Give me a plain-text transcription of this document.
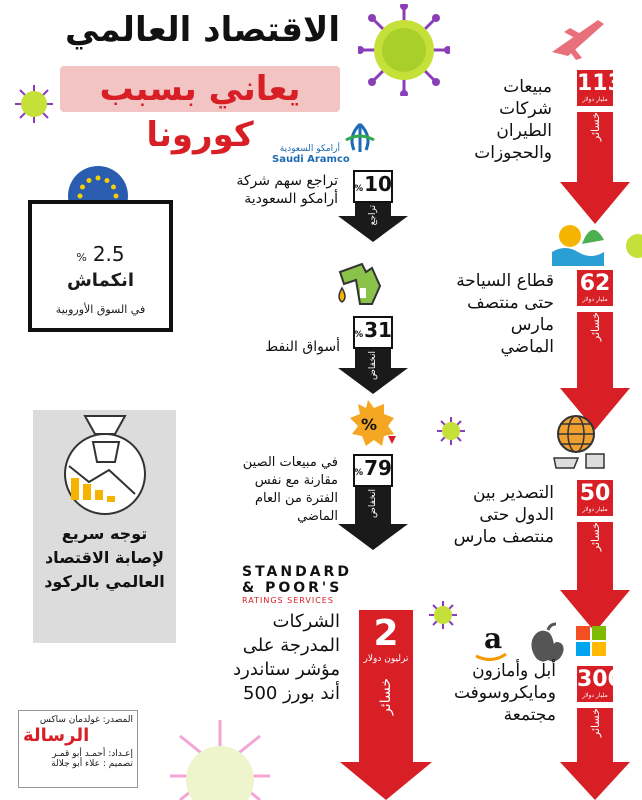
الاقتصاد العالمي
يعاني بسبب كورونا
113
مليار دولار
خسائر
مبيعات شركات الطيران والحجوزات
62
مليار دولار
خسائر
قطاع السياحة حتى منتصف مارس الماضي
50
مليار دولار
خسائر
التصدير بين الدول حتى منتصف مارس
a
300
مليار دولار
خسائر
أبل وأمازون ومايكروسوفت مجتمعة
أرامكو السعودية
Saudi Aramco
% 10
تراجع
تراجع سهم شركة أرامكو السعودية
% 31
انخفاض
أسواق النفط
%
% 79
انخفاض
في مبيعات الصين مقارنة مع نفس الفترة من العام الماضي
STANDARD
& POOR'S
RATINGS SERVICES
2
ترليون دولار
خسائر
الشركات المدرجة على مؤشر ستاندرد أند بورز 500
% 2.5
انكماش
في السوق الأوروبية
توجه سريع لإصابة الاقتصاد العالمي بالركود
المصدر: غولدمان ساكس
الرسالة
إعـداد: أحمـد أبو قمـر
تصميم : علاء أبو جلالة
